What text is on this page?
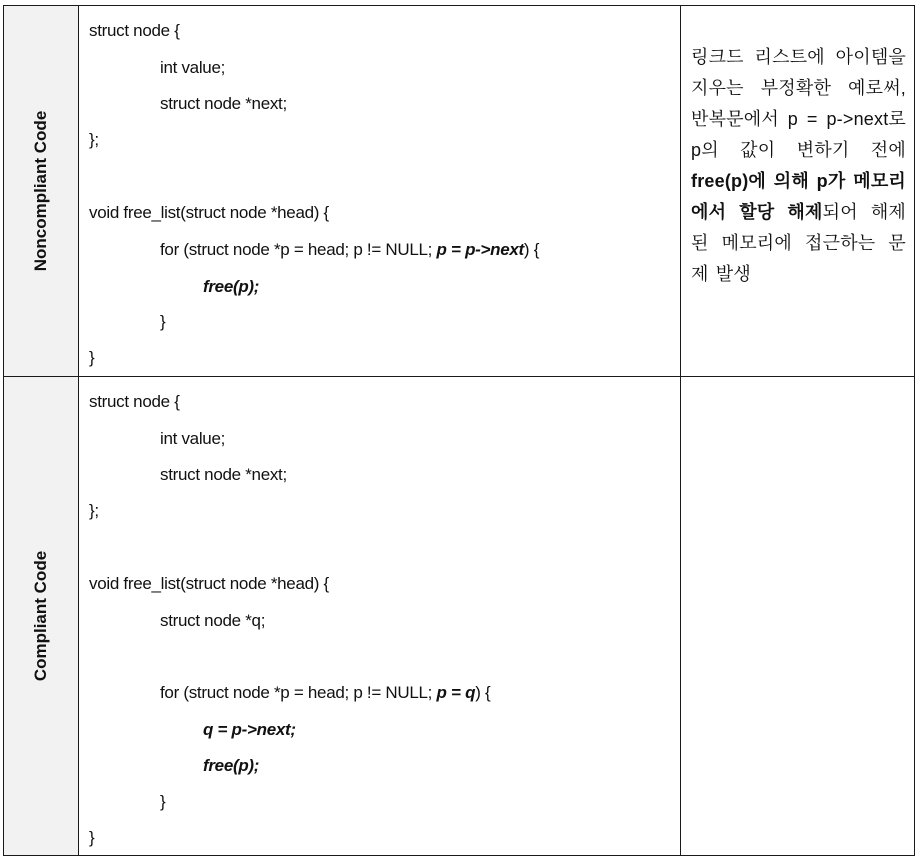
Noncompliant Code
struct node {
int value;
struct node *next;
};
void free_list(struct node *head) {
for (struct node *p = head; p != NULL; p = p->next) {
free(p);
}
}
링크드 리스트에 아이템을 지우는 부정확한 예로써, 반복문에서 p = p->next로 p의 값이 변하기 전에 free(p)에 의해 p가 메모리에서 할당 해제되어 해제된 메모리에 접근하는 문제 발생
Compliant Code
struct node {
int value;
struct node *next;
};
void free_list(struct node *head) {
struct node *q;
for (struct node *p = head; p != NULL; p = q) {
q = p->next;
free(p);
}
}
